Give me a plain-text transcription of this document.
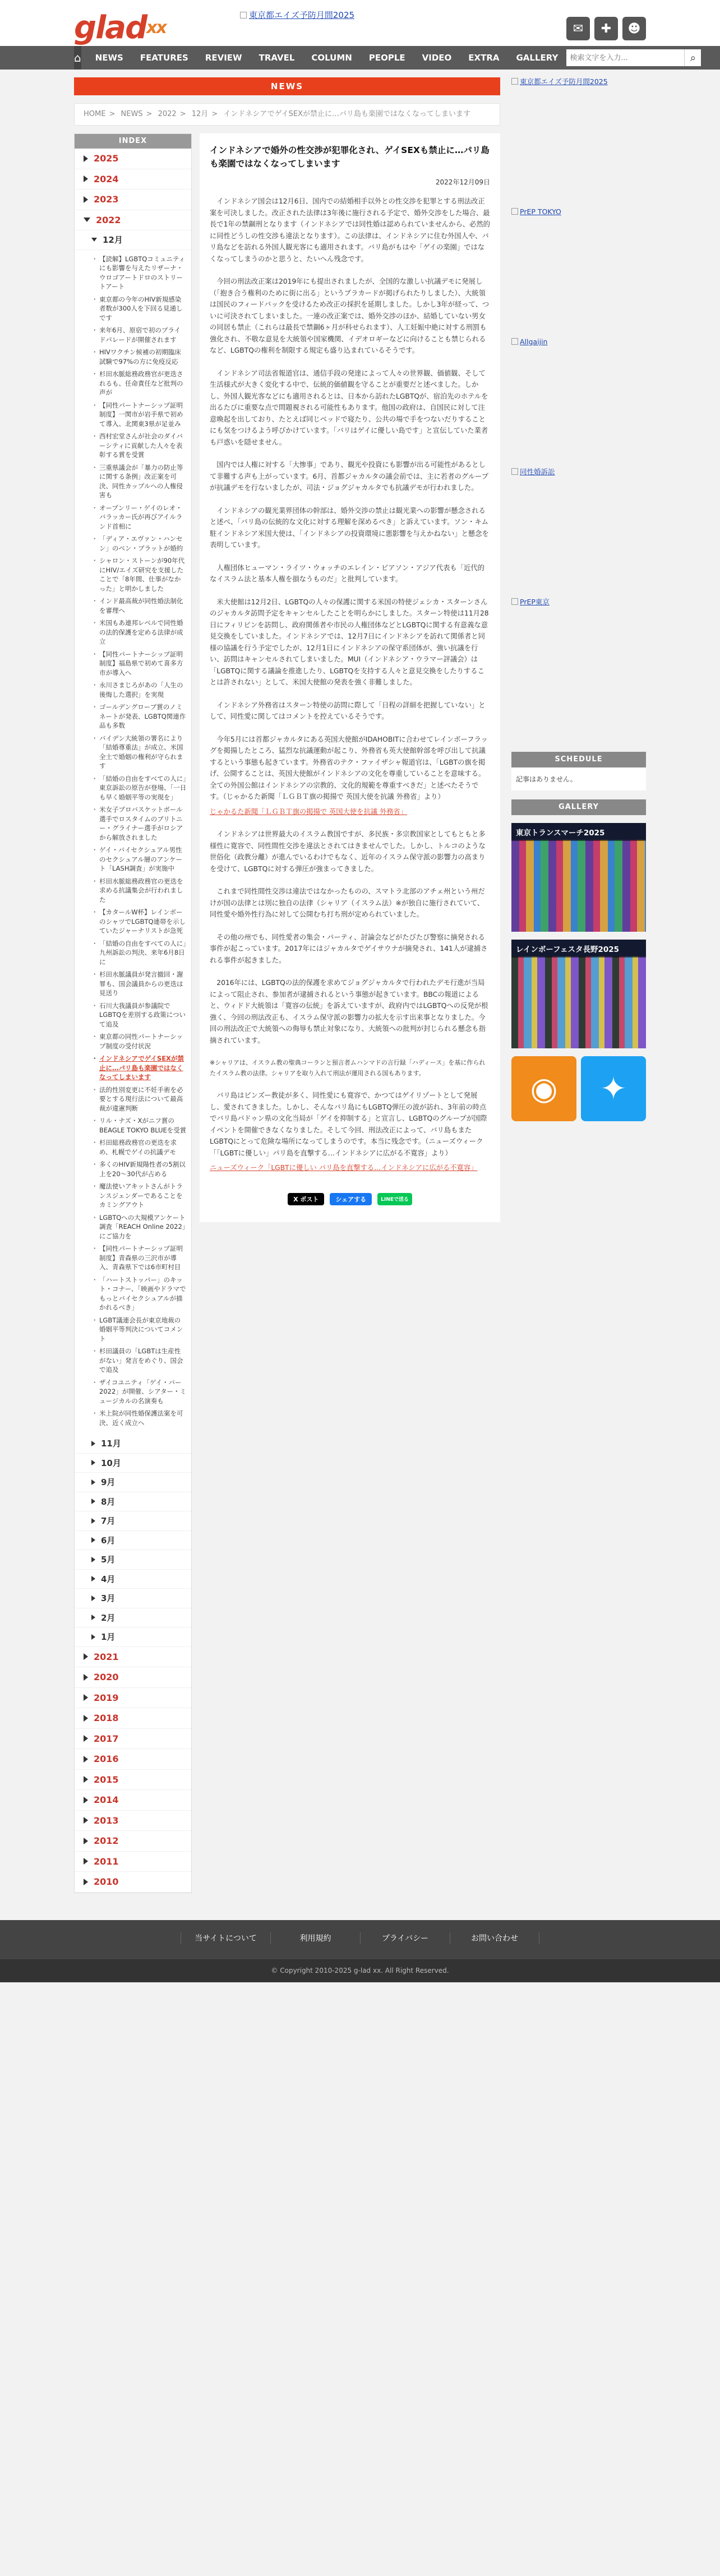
glad$^{xx}$
東京都エイズ予防月間2025
✉	✚	☻
⌂	NEWS	FEATURES	REVIEW	TRAVEL	COLUMN	PEOPLE	VIDEO	EXTRA	GALLERY
検索文字を入力...	⌕
NEWS
HOME > NEWS > 2022 > 12月 > インドネシアでゲイSEXが禁止に…パリ島も楽園ではなくなってしまいます
INDEX
2025
2024
2023
2022
12月
・ 【読解】LGBTQコミュニティにも影響を与えたリザーナ・ウロゴアートドロのストリートアート
・ 東京都の今年のHIV新規感染者数が300人を下回る見通しです
・ 来年6月、原宿で初のプライドパレードが開催されます
・ HIVワクチン候補の初期臨床試験で97%の方に免疫反応
・ 杉田水脈総務政務官が更迭されるも、任命責任など批判の声が
・ 【同性パートナーシップ証明制度】一関市が岩手県で初めて導入、北関東3県が足並み
・ 西村宏堂さんが社会のダイバーシティに貢献した人々を表彰する賞を受賞
・ 三重県議会が「暴力の防止等に関する条例」改正案を可決、同性カップルへの人権侵害も
・ オープンリー・ゲイのレオ・バラッカー氏が再びアイルランド首相に
・ 「ディア・エヴァン・ハンセン」のベン・プラットが婚約
・ シャロン・ストーンが90年代にHIV/エイズ研究を支援したことで「8年間、仕事がなかった」と明かしました
・ インド最高裁が同性婚法制化を審理へ
・ 米国もあ連邦レベルで同性婚の法的保護を定める法律が成立
・ 【同性パートナーシップ証明制度】福島県で初めて喜多方市が導入へ
・ 永川さまじろがあの「人生の後悔した選択」を実現
・ ゴールデングローブ賞のノミネートが発表、LGBTQ関連作品も多数
・ バイデン大統領の署名により「結婚尊重法」が成立、米国全土で婚姻の権利が守られます
・ 「結婚の自由をすべての人に」東京訴訟の原告が登場、「一日も早く婚姻平等の実現を」
・ 米女子プロバスケットボール選手でロスタイムのブリトニー・グライナー選手がロシアから解放されました
・ ゲイ・バイセクシュアル男性のセクシュアル層のアンケート「LASH調査」が実施中
・ 杉田水脈総務政務官の更迭を求める抗議集会が行われました
・ 【カタールW杯】レインボーのシャツでLGBTQ連帯を示していたジャーナリストが急死
・ 「結婚の自由をすべての人に」九州訴訟の判決、来年6月8日に
・ 杉田水脈議員が発言撤回・謝罪も、国会議員からの更迭は見送り
・ 石川大我議員が参議院でLGBTQを差別する政策について追及
・ 東京都の同性パートナーシップ制度の受付状況
・ インドネシアでゲイSEXが禁止に…パリ島も楽園ではなくなってしまいます
・ 法的性別変更に不妊手術を必要とする現行法について最高裁が違憲判断
・ リル・ナズ・Xがニフ賞のBEAGLE TOKYO BLUEを受賞
・ 杉田総務政務官の更迭を求め、札幌でゲイの抗議デモ
・ 多くのHIV新規陽性者の5割以上を20〜30代が占める
・ 魔法使いアキットさんがトランスジェンダーであることをカミングアウト
・ LGBTQへの大規模アンケート調査「REACH Online 2022」にご協力を
・ 【同性パートナーシップ証明制度】青森県の三沢市が導入、青森県下では6市町村目
・ 「ハートストッパー」のキット・コナー、「映画やドラマでもっとバイセクシュアルが描かれるべき」
・ LGBT議連会長が東京地裁の婚姻平等判決についてコメント
・ 杉田議員の「LGBTは生産性がない」発言をめぐり、国会で追及
・ ザイコユニティ「ゲイ・バー2022」が開催、シアター・ミュージカルの名演奏も
・ 米上院が同性婚保護法案を可決、近く成立へ
11月
10月
9月
8月
7月
6月
5月
4月
3月
2月
1月
2021
2020
2019
2018
2017
2016
2015
2014
2013
2012
2011
2010
インドネシアで婚外の性交渉が犯罪化され、ゲイSEXも禁止に…パリ島も楽園ではなくなってしまいます
2022年12月09日

インドネシア国会は12月6日、国内での結婚相手以外との性交渉を犯罪とする刑法改正案を可決しました。改正された法律は3年後に施行される予定で、婚外交渉をした場合、最長で1年の禁錮刑となります（インドネシアでは同性婚は認められていませんから、必然的に同性どうしの性交渉も違法となります）。この法律は、インドネシアに住む外国人や、バリ島などを訪れる外国人観光客にも適用されます。バリ島がもはや「ゲイの楽園」ではなくなってしまうのかと思うと、たいへん残念です。

今回の刑法改正案は2019年にも提出されましたが、全国的な激しい抗議デモに発展し（「抱き合う権利のために街に出る」というプラカードが掲げられたりしました）、大統領は国民のフィードバックを受けるため改正の採択を延期しました。しかし3年が経って、ついに可決されてしまいました。一連の改正案では、婚外交渉のほか、結婚していない男女の同居も禁止（これらは最長で禁錮6ヶ月が科せられます）、人工妊娠中絶に対する刑罰も強化され、不敬な意見を大統領や国家機関、イデオロギーなどに向けることも禁じられるなど、LGBTQの権利を制限する規定も盛り込まれているそうです。

インドネシア司法省報道官は、通信手段の発達によって人々の世界観、価値観、そして生活様式が大きく変化する中で、伝統的価値観を守ることが重要だと述べました。しかし、外国人観光客などにも適用されるとは、日本から訪れたLGBTQが、宿泊先のホテルを出るたびに重要な点で問題視される可能性もあります。他国の政府は、自国民に対して注意喚起を出しており、たとえば同じベッドで寝たり、公共の場で手をつないだりすることにも気をつけるよう呼びかけています。「バリはゲイに優しい島です」と宣伝していた業者も戸惑いを隠せません。

国内では人権に対する「大惨事」であり、観光や投資にも影響が出る可能性があるとして非難する声も上がっています。6月、首都ジャカルタの議会前では、主に若者のグループが抗議デモを行ないましたが、司法・ジョグジャカルタでも抗議デモが行われました。

インドネシアの観光業界団体の幹部は、婚外交渉の禁止は観光業への影響が懸念されると述べ、「バリ島の伝統的な文化に対する理解を深めるべき」と訴えています。ソン・キム駐インドネシア米国大使は、「インドネシアの投資環境に悪影響を与えかねない」と懸念を表明しています。

人権団体ヒューマン・ライツ・ウォッチのエレイン・ピアソン・アジア代表も「近代的なイスラム法と基本人権を損なうものだ」と批判しています。

米大使館は12月2日、LGBTQの人々の保護に関する米国の特使ジェシカ・スターンさんのジャカルタ訪問予定をキャンセルしたことを明らかにしました。スターン特使は11月28日にフィリピンを訪問し、政府関係者や市民の人権団体などとLGBTQに関する有意義な意見交換をしていました。インドネシアでは、12月7日にインドネシアを訪れて関係者と同様の協議を行う予定でしたが、12月1日にインドネシアの保守系団体が、強い抗議を行い、訪問はキャンセルされてしまいました。MUI（インドネシア・ウラマー評議会）は「LGBTQに関する議論を推進したり、LGBTQを支持する人々と意見交換をしたりすることは許されない」として、米国大使館の発表を強く非難しました。

インドネシア外務省はスターン特使の訪問に際して「日程の詳細を把握していない」として、同性愛に関してはコメントを控えているそうです。

今年5月には首都ジャカルタにある英国大使館がIDAHOBITに合わせてレインボーフラッグを掲揚したところ、猛烈な抗議運動が起こり、外務省も英大使館幹部を呼び出して抗議するという事態も起きています。外務省のテク・ファイザシャ報道官は、「LGBTの旗を掲げ、公開することは、英国大使館がインドネシアの文化を尊重していることを意味する。全ての外国公館はインドネシアの宗教的、文化的規範を尊重すべきだ」と述べたそうです。（じゃかるた新聞「ＬＧＢＴ旗の掲揚で 英国大使を抗議 外務省」より）

じゃかるた新聞「ＬＧＢＴ旗の掲揚で 英国大使を抗議 外務省」

インドネシアは世界最大のイスラム教国ですが、多民族・多宗教国家としてもともと多様性に寛容で、同性間性交渉を違法とされてはきませんでした。しかし、トルコのような世俗化（政教分離）が進んでいるわけでもなく、近年のイスラム保守派の影響力の高まりを受けて、LGBTQに対する弾圧が強まってきました。

これまで同性間性交渉は違法ではなかったものの、スマトラ北部のアチェ州という州だけが国の法律とは別に独自の法律（シャリア（イスラム法）※が独自に施行されていて、同性愛や婚外性行為に対して公開むち打ち刑が定められていました。

その他の州でも、同性愛者の集会・パーティ、討論会などがたびたび警察に摘発される事件が起こっています。2017年にはジャカルタでゲイサウナが摘発され、141人が逮捕される事件が起きました。

2016年には、LGBTQの法的保護を求めてジョグジャカルタで行われたデモ行進が当局によって阻止され、参加者が逮捕されるという事態が起きています。BBCの報道によると、ウィドド大統領は「寛容の伝統」を訴えていますが、政府内ではLGBTQへの反発が根強く、今回の刑法改正も、イスラム保守派の影響力の拡大を示す出来事となりました。今回の刑法改正で大統領への侮辱も禁止対象になり、大統領への批判が封じられる懸念も指摘されています。

※シャリアは、イスラム教の聖典コーランと預言者ムハンマドの言行録「ハディース」を基に作られたイスラム教の法律。シャリアを取り入れて刑法が運用される国もあります。

バリ島はビンズー教徒が多く、同性愛にも寛容で、かつてはゲイリゾートとして発展し、愛されてきました。しかし、そんなバリ島にもLGBTQ弾圧の波が訪れ、3年前の時点でバリ島パドゥン県の文化当局が「ゲイを抑制する」と宣言し、LGBTQのグループが国際イベントを開催できなくなりました。そして今回、刑法改正によって、バリ島もまたLGBTQにとって危険な場所になってしまうのです。本当に残念です。（ニューズウィーク「「LGBTに優しい」パリ島を直撃する…インドネシアに広がる不寛容」より）

ニューズウィーク「LGBTに優しい パリ島を直撃する…インドネシアに広がる不寛容」

X ポスト	シェアする	LINEで送る
東京都エイズ予防月間2025
PrEP TOKYO
Allgaijin
同性婚訴訟
PrEP東京
SCHEDULE
記事はありません。
GALLERY
東京トランスマーチ2025
レインボーフェスタ長野2025
◉	✦
当サイトについて	利用規約	プライバシー	お問い合わせ
© Copyright 2010-2025 g-lad xx. All Right Reserved.
